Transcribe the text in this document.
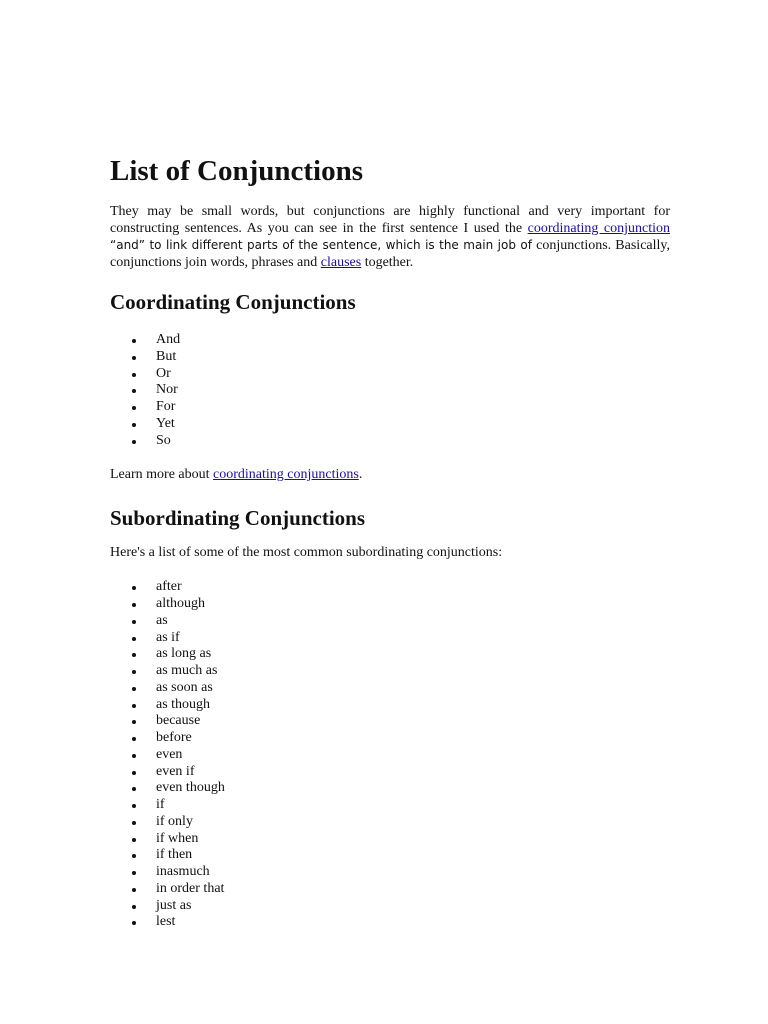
List of Conjunctions

They may be small words, but conjunctions are highly functional and very important for constructing sentences. As you can see in the first sentence I used the coordinating conjunction “and” to link different parts of the sentence, which is the main job of conjunctions. Basically, conjunctions join words, phrases and clauses together.

Coordinating Conjunctions
And
But
Or
Nor
For
Yet
So

Learn more about coordinating conjunctions.

Subordinating Conjunctions

Here's a list of some of the most common subordinating conjunctions:

after
although
as
as if
as long as
as much as
as soon as
as though
because
before
even
even if
even though
if
if only
if when
if then
inasmuch
in order that
just as
lest
